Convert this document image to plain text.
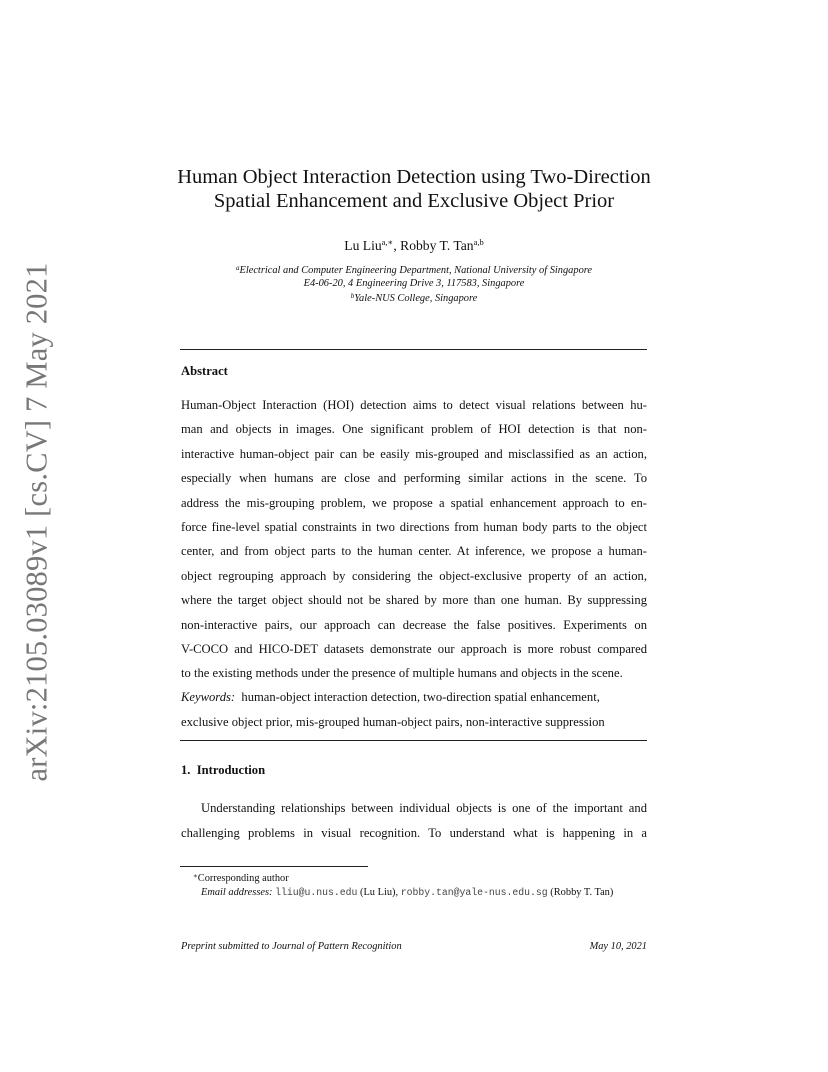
arXiv:2105.03089v1 [cs.CV] 7 May 2021
Human Object Interaction Detection using Two-Direction
Spatial Enhancement and Exclusive Object Prior
Lu Liu$^{a,∗}$, Robby T. Tan$^{a,b}$
$^a$Electrical and Computer Engineering Department, National University of Singapore
E4-06-20, 4 Engineering Drive 3, 117583, Singapore
$^b$Yale-NUS College, Singapore
Abstract
Human-Object Interaction (HOI) detection aims to detect visual relations between hu-
man and objects in images. One significant problem of HOI detection is that non-
interactive human-object pair can be easily mis-grouped and misclassified as an action,
especially when humans are close and performing similar actions in the scene. To
address the mis-grouping problem, we propose a spatial enhancement approach to en-
force fine-level spatial constraints in two directions from human body parts to the object
center, and from object parts to the human center. At inference, we propose a human-
object regrouping approach by considering the object-exclusive property of an action,
where the target object should not be shared by more than one human. By suppressing
non-interactive pairs, our approach can decrease the false positives. Experiments on
V-COCO and HICO-DET datasets demonstrate our approach is more robust compared
to the existing methods under the presence of multiple humans and objects in the scene.
Keywords: human-object interaction detection, two-direction spatial enhancement,
exclusive object prior, mis-grouped human-object pairs, non-interactive suppression
1.  Introduction
Understanding relationships between individual objects is one of the important and
challenging problems in visual recognition. To understand what is happening in a
∗Corresponding author
Email addresses: lliu@u.nus.edu (Lu Liu), robby.tan@yale-nus.edu.sg (Robby T. Tan)
Preprint submitted to Journal of Pattern Recognition	May 10, 2021
